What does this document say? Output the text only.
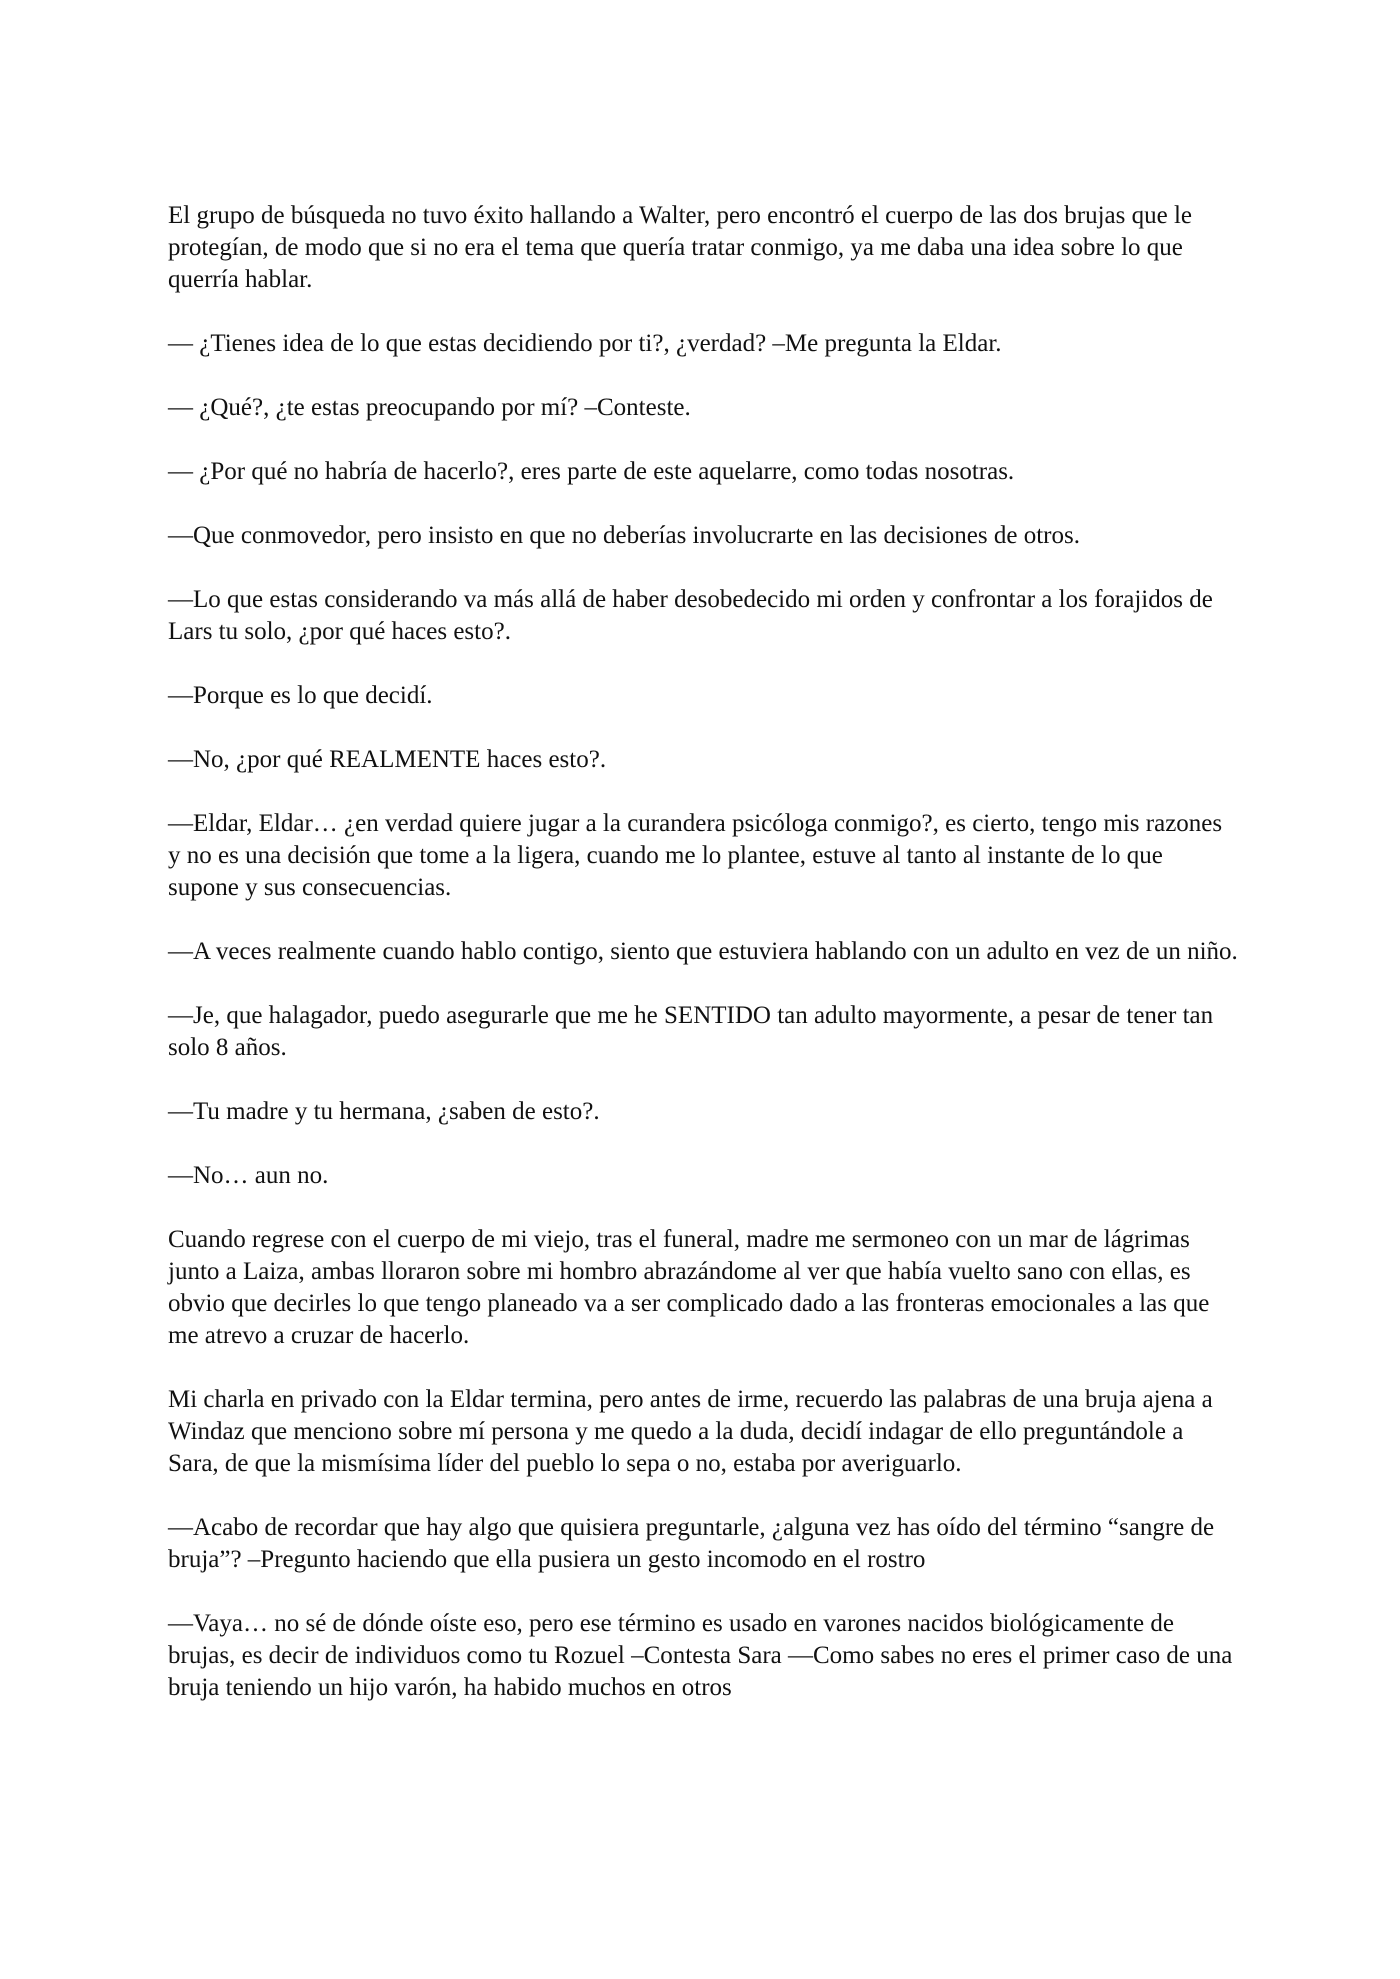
El grupo de búsqueda no tuvo éxito hallando a Walter, pero encontró el cuerpo de las dos brujas que le protegían, de modo que si no era el tema que quería tratar conmigo, ya me daba una idea sobre lo que querría hablar.

— ¿Tienes idea de lo que estas decidiendo por ti?, ¿verdad? –Me pregunta la Eldar.

— ¿Qué?, ¿te estas preocupando por mí? –Conteste.

— ¿Por qué no habría de hacerlo?, eres parte de este aquelarre, como todas nosotras.

—Que conmovedor, pero insisto en que no deberías involucrarte en las decisiones de otros.

—Lo que estas considerando va más allá de haber desobedecido mi orden y confrontar a los forajidos de Lars tu solo, ¿por qué haces esto?.

—Porque es lo que decidí.

—No, ¿por qué REALMENTE haces esto?.

—Eldar, Eldar… ¿en verdad quiere jugar a la curandera psicóloga conmigo?, es cierto, tengo mis razones y no es una decisión que tome a la ligera, cuando me lo plantee, estuve al tanto al instante de lo que supone y sus consecuencias.

—A veces realmente cuando hablo contigo, siento que estuviera hablando con un adulto en vez de un niño.

—Je, que halagador, puedo asegurarle que me he SENTIDO tan adulto mayormente, a pesar de tener tan solo 8 años.

—Tu madre y tu hermana, ¿saben de esto?.

—No… aun no.

Cuando regrese con el cuerpo de mi viejo, tras el funeral, madre me sermoneo con un mar de lágrimas junto a Laiza, ambas lloraron sobre mi hombro abrazándome al ver que había vuelto sano con ellas, es obvio que decirles lo que tengo planeado va a ser complicado dado a las fronteras emocionales a las que me atrevo a cruzar de hacerlo.

Mi charla en privado con la Eldar termina, pero antes de irme, recuerdo las palabras de una bruja ajena a Windaz que menciono sobre mí persona y me quedo a la duda, decidí indagar de ello preguntándole a Sara, de que la mismísima líder del pueblo lo sepa o no, estaba por averiguarlo.

—Acabo de recordar que hay algo que quisiera preguntarle, ¿alguna vez has oído del término “sangre de bruja”? –Pregunto haciendo que ella pusiera un gesto incomodo en el rostro

—Vaya… no sé de dónde oíste eso, pero ese término es usado en varones nacidos biológicamente de brujas, es decir de individuos como tu Rozuel –Contesta Sara —Como sabes no eres el primer caso de una bruja teniendo un hijo varón, ha habido muchos en otros
